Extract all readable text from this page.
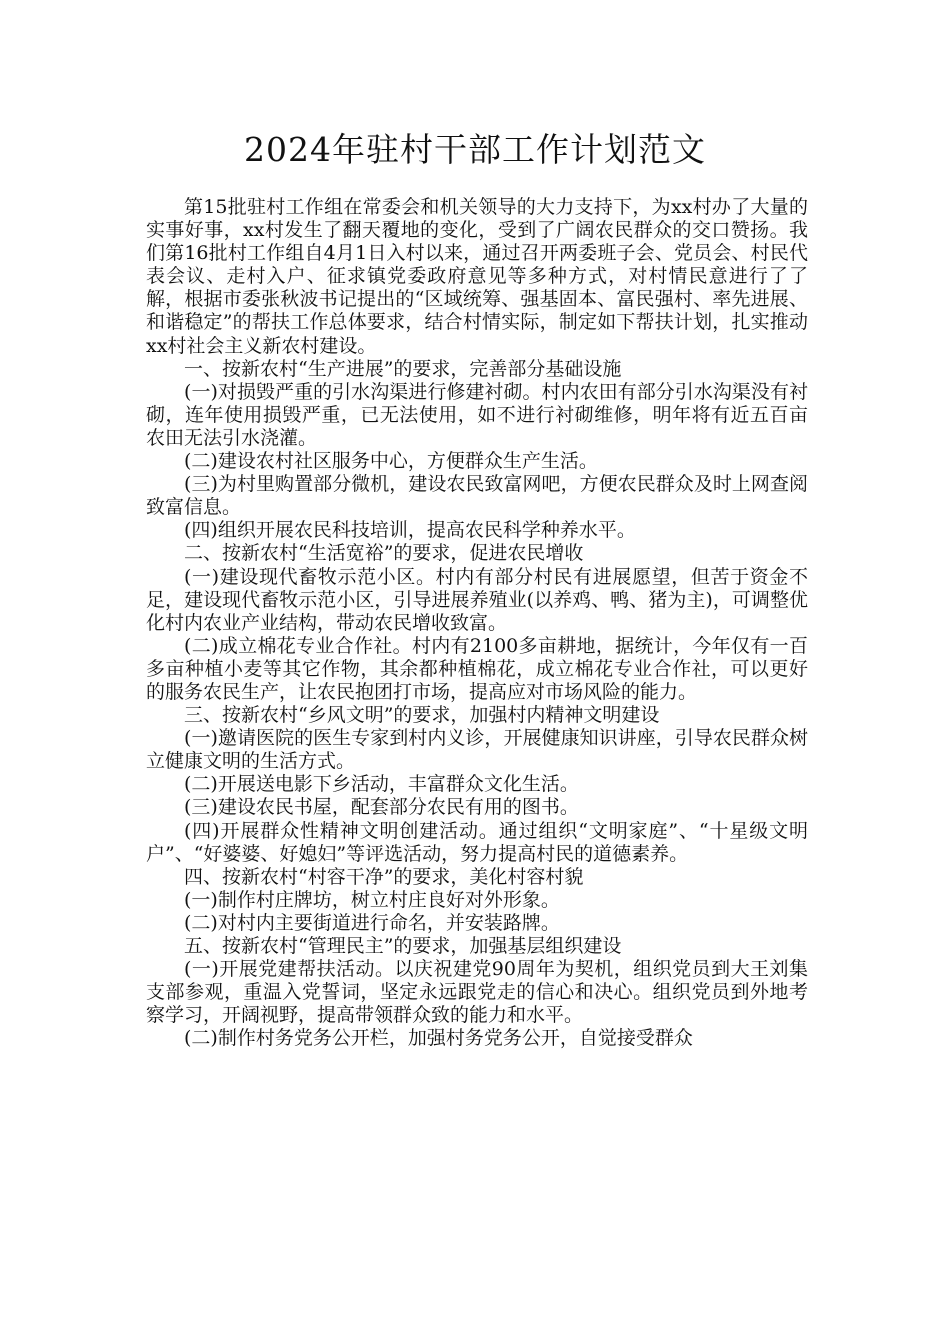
2024年驻村干部工作计划范文

第15批驻村工作组在常委会和机关领导的大力支持下，为xx村办了大量的实事好事，xx村发生了翻天覆地的变化，受到了广阔农民群众的交口赞扬。我们第16批村工作组自4月1日入村以来，通过召开两委班子会、党员会、村民代表会议、走村入户、征求镇党委政府意见等多种方式，对村情民意进行了了解，根据市委张秋波书记提出的“区域统筹、强基固本、富民强村、率先进展、和谐稳定”的帮扶工作总体要求，结合村情实际，制定如下帮扶计划，扎实推动xx村社会主义新农村建设。

一、按新农村“生产进展”的要求，完善部分基础设施

(一)对损毁严重的引水沟渠进行修建衬砌。村内农田有部分引水沟渠没有衬砌，连年使用损毁严重，已无法使用，如不进行衬砌维修，明年将有近五百亩农田无法引水浇灌。

(二)建设农村社区服务中心，方便群众生产生活。

(三)为村里购置部分微机，建设农民致富网吧，方便农民群众及时上网查阅致富信息。

(四)组织开展农民科技培训，提高农民科学种养水平。

二、按新农村“生活宽裕”的要求，促进农民增收

(一)建设现代畜牧示范小区。村内有部分村民有进展愿望，但苦于资金不足，建设现代畜牧示范小区，引导进展养殖业(以养鸡、鸭、猪为主)，可调整优化村内农业产业结构，带动农民增收致富。

(二)成立棉花专业合作社。村内有2100多亩耕地，据统计，今年仅有一百多亩种植小麦等其它作物，其余都种植棉花，成立棉花专业合作社，可以更好的服务农民生产，让农民抱团打市场，提高应对市场风险的能力。

三、按新农村“乡风文明”的要求，加强村内精神文明建设

(一)邀请医院的医生专家到村内义诊，开展健康知识讲座，引导农民群众树立健康文明的生活方式。

(二)开展送电影下乡活动，丰富群众文化生活。

(三)建设农民书屋，配套部分农民有用的图书。

(四)开展群众性精神文明创建活动。通过组织“文明家庭”、“十星级文明户”、“好婆婆、好媳妇”等评选活动，努力提高村民的道德素养。

四、按新农村“村容干净”的要求，美化村容村貌

(一)制作村庄牌坊，树立村庄良好对外形象。

(二)对村内主要街道进行命名，并安装路牌。

五、按新农村“管理民主”的要求，加强基层组织建设

(一)开展党建帮扶活动。以庆祝建党90周年为契机，组织党员到大王刘集支部参观，重温入党誓词，坚定永远跟党走的信心和决心。组织党员到外地考察学习，开阔视野，提高带领群众致的能力和水平。

(二)制作村务党务公开栏，加强村务党务公开，自觉接受群众
